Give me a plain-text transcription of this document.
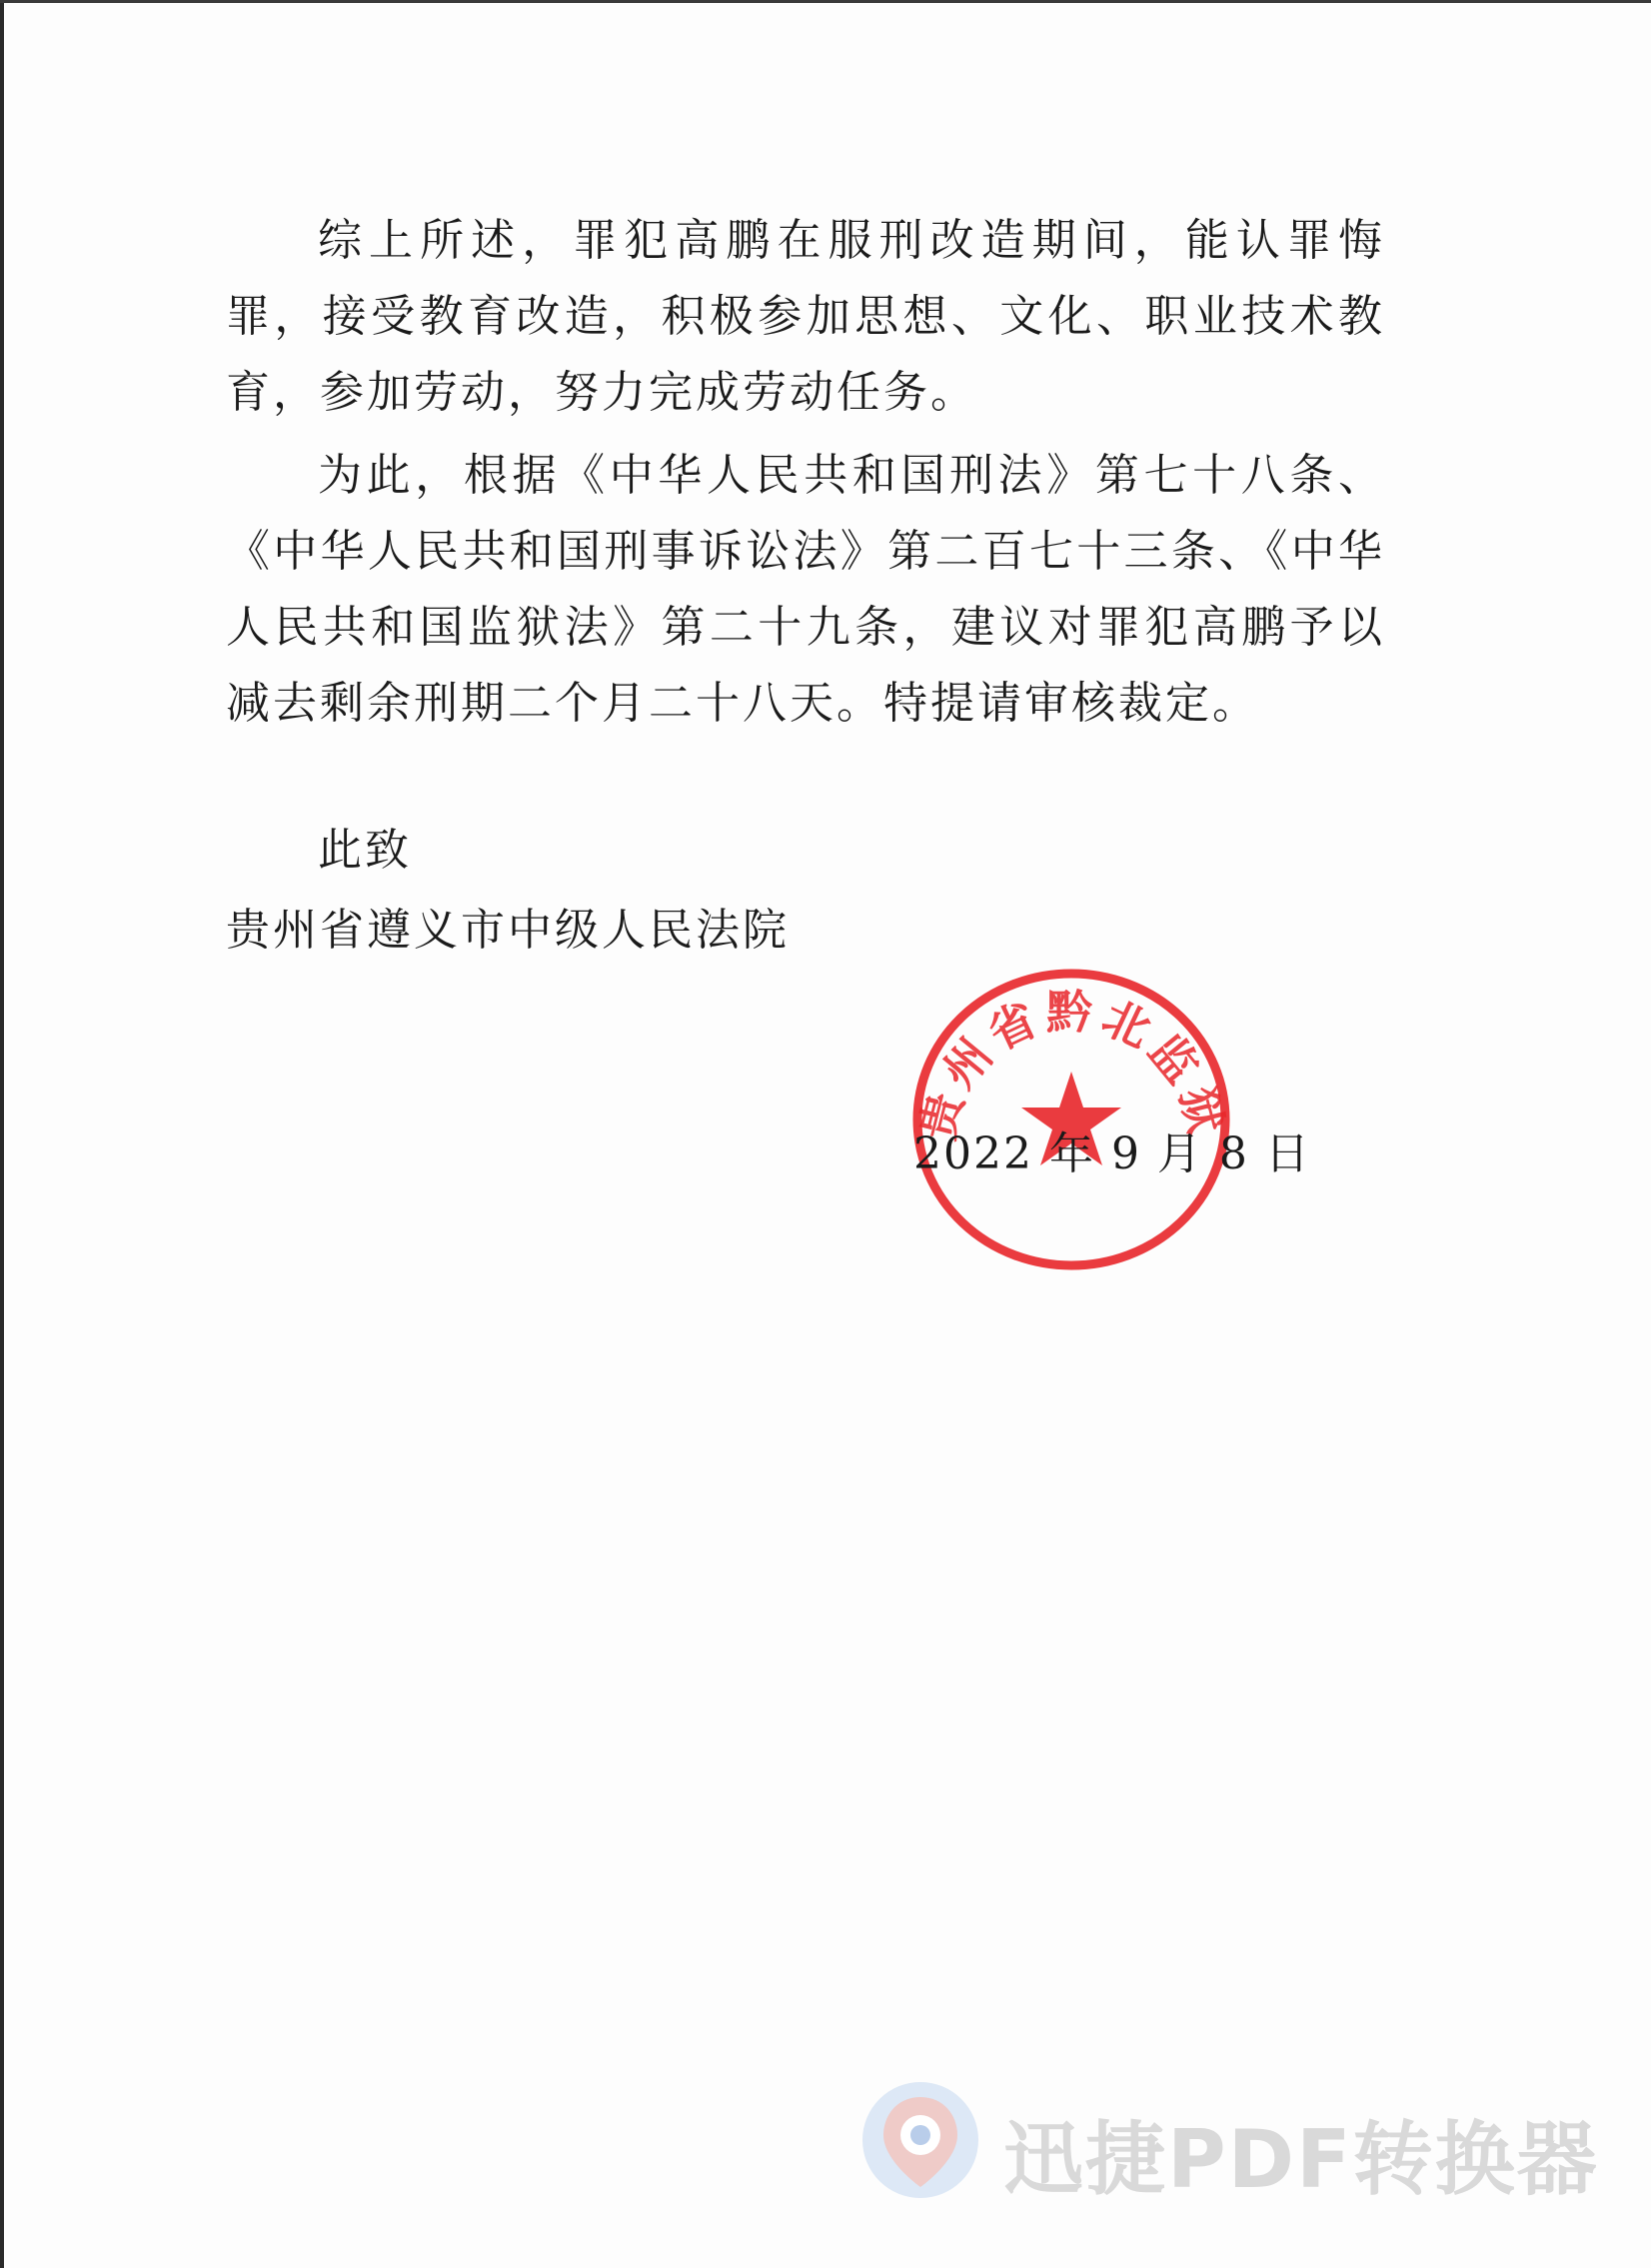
综上所述，罪犯高鹏在服刑改造期间，能认罪悔罪，接受教育改造，积极参加思想、文化、职业技术教育，参加劳动，努力完成劳动任务。

为此，根据《中华人民共和国刑法》第七十八条、《中华人民共和国刑事诉讼法》第二百七十三条、《中华人民共和国监狱法》第二十九条，建议对罪犯高鹏予以减去剩余刑期二个月二十八天。特提请审核裁定。

此致

贵州省遵义市中级人民法院

贵州省黔北监狱

2022 年 9 月 8 日

迅捷PDF转换器
